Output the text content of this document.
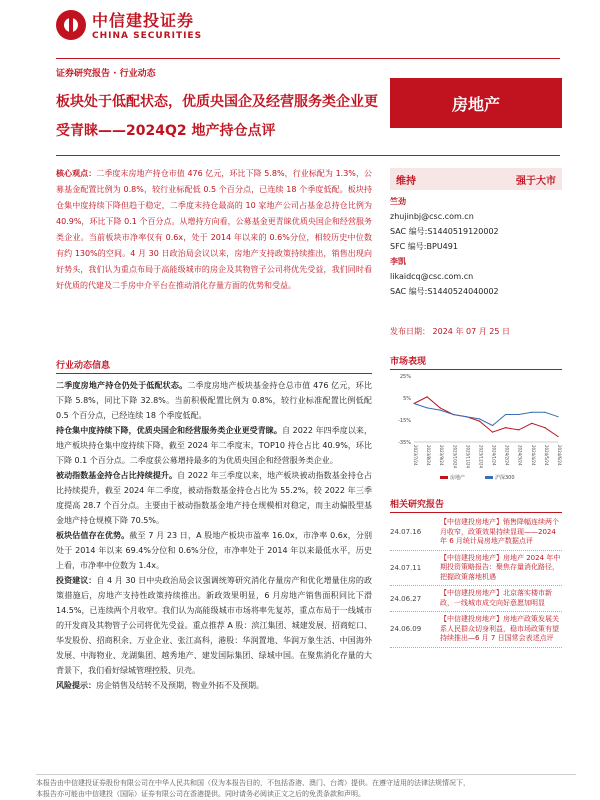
中信建投证券
CHINA SECURITIES
证券研究报告 · 行业动态
板块处于低配状态，优质央国企及经营服务类企业更受青睐——2024Q2 地产持仓点评
房地产
核心观点：二季度末房地产持仓市值 476 亿元，环比下降 5.8%，行业标配为 1.3%，公募基金配置比例为 0.8%，较行业标配低 0.5 个百分点，已连续 18 个季度低配。板块持仓集中度持续下降但趋于稳定，二季度末持仓最高的 10 家地产公司占基金总持仓比例为 40.9%，环比下降 0.1 个百分点。从增持方向看，公募基金更青睐优质央国企和经营服务类企业。当前板块市净率仅有 0.6x，处于 2014 年以来的 0.6%分位，相较历史中位数有约 130%的空间。4 月 30 日政治局会议以来，房地产支持政策持续推出，销售出现向好势头，我们认为重点布局于高能级城市的房企及其物管子公司将优先受益，我们同时看好优质的代建及二手房中介平台在推动消化存量方面的优势和受益。
维持	强于大市
竺劲
zhujinbj@csc.com.cn
SAC 编号:S1440519120002
SFC 编号:BPU491
李凯
likaidcq@csc.com.cn
SAC 编号:S1440524040002
发布日期： 2024 年 07 月 25 日
行业动态信息

二季度房地产持仓仍处于低配状态。二季度房地产板块基金持仓总市值 476 亿元，环比下降 5.8%，同比下降 32.8%。当前积极配置比例为 0.8%，较行业标准配置比例低配 0.5 个百分点，已经连续 18 个季度低配。

持仓集中度持续下降，优质央国企和经营服务类企业更受青睐。自 2022 年四季度以来，地产板块持仓集中度持续下降，截至 2024 年二季度末，TOP10 持仓占比 40.9%，环比下降 0.1 个百分点。二季度获公募增持最多的为优质央国企和经营服务类企业。

被动指数基金持仓占比持续提升。自 2022 年三季度以来，地产板块被动指数基金持仓占比持续提升，截至 2024 年二季度，被动指数基金持仓占比为 55.2%，较 2022 年三季度提高 28.7 个百分点。主要由于被动指数基金地产持仓规模相对稳定，而主动偏股型基金地产持仓规模下降 70.5%。

板块估值存在优势。截至 7 月 23 日，A 股地产板块市盈率 16.0x，市净率 0.6x，分别处于 2014 年以来 69.4%分位和 0.6%分位，市净率处于 2014 年以来最低水平，历史上看，市净率中位数为 1.4x。

投资建议：自 4 月 30 日中央政治局会议强调统筹研究消化存量房产和优化增量住房的政策措施后，房地产支持性政策持续推出。新政效果明显，6 月房地产销售面积同比下滑 14.5%，已连续两个月收窄。我们认为高能级城市市场将率先复苏，重点布局于一线城市的开发商及其物管子公司将优先受益。重点推荐 A 股：滨江集团、城建发展、招商蛇口、华发股份、招商积余、万业企业、张江高科，港股：华润置地、华润万象生活、中国海外发展、中海物业、龙湖集团、越秀地产、建发国际集团、绿城中国。在聚焦消化存量的大背景下，我们看好绿城管理控股、贝壳。

风险提示：房企销售及结转不及预期，物业外拓不及预期。

市场表现
25%
5%
-15%
-35%
2023/7/24 2023/8/24 2023/9/24 2023/10/24 2023/11/24 2023/12/24 2024/1/24 2024/2/24 2024/3/24 2024/4/24 2024/5/24 2024/6/24
房地产	沪深300
相关研究报告
24.07.16
【中信建投房地产】销售降幅连续两个月收窄，政策效果持续显现——2024 年 6 月统计局房地产数据点评
24.07.11
【中信建投房地产】房地产 2024 年中期投资策略报告：聚焦存量消化路径，把握政策落地机遇
24.06.27
【中信建投房地产】北京落实楼市新政，一线城市成交向好意愿加明显
24.06.09
【中信建投房地产】房地产政策发展关系人民群众切身利益，稳市场政策有望持续推出—6 月 7 日国常会表述点评
本报告由中信建投证券股份有限公司在中华人民共和国（仅为本报告目的，不包括香港、澳门、台湾）提供。在遵守适用的法律法规情况下，
本报告亦可能由中信建投（国际）证券有限公司在香港提供。同时请务必阅读正文之后的免责条款和声明。
